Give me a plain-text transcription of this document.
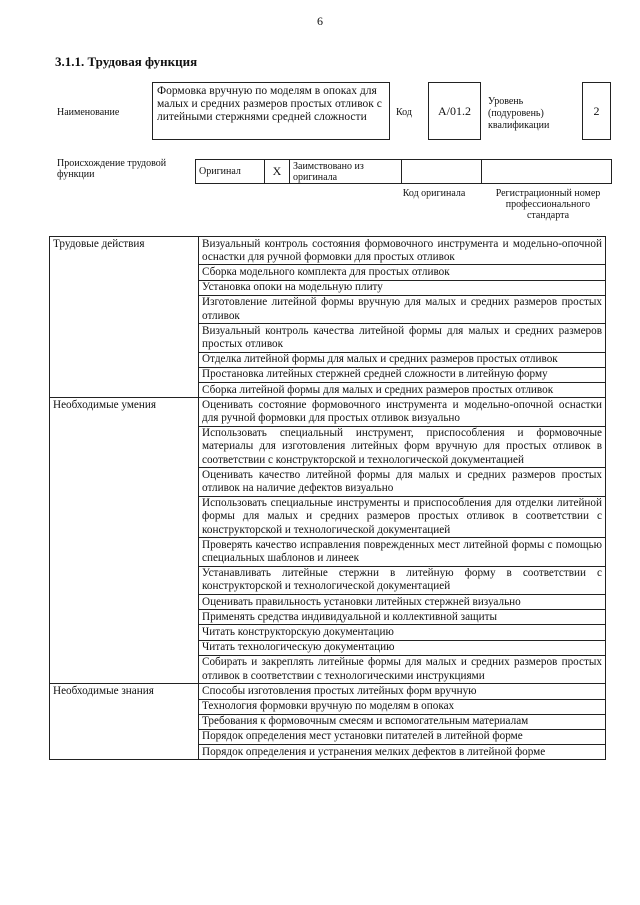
6
3.1.1. Трудовая функция
Наименование
Формовка вручную по моделям в опоках для малых и средних размеров простых отливок с литейными стержнями средней сложности	Код	A/01.2
Уровень (подуровень) квалификации
2
Происхождение трудовой функции	Оригинал	X	Заимствовано из оригинала		
Код оригинала	Регистрационный номер профессионального стандарта
Трудовые действия	Визуальный контроль состояния формовочного инструмента и модельно-опочной оснастки для ручной формовки для простых отливок
	Сборка модельного комплекта для простых отливок
	Установка опоки на модельную плиту
	Изготовление литейной формы вручную для малых и средних размеров простых отливок
	Визуальный контроль качества литейной формы для малых и средних размеров простых отливок
	Отделка литейной формы для малых и средних размеров простых отливок
	Простановка литейных стержней средней сложности в литейную форму
	Сборка литейной формы для малых и средних размеров простых отливок
Необходимые умения	Оценивать состояние формовочного инструмента и модельно-опочной оснастки для ручной формовки для простых отливок визуально
	Использовать специальный инструмент, приспособления и формовочные материалы для изготовления литейных форм вручную для простых отливок в соответствии с конструкторской и технологической документацией
	Оценивать качество литейной формы для малых и средних размеров простых отливок на наличие дефектов визуально
	Использовать специальные инструменты и приспособления для отделки литейной формы для малых и средних размеров простых отливок в соответствии с конструкторской и технологической документацией
	Проверять качество исправления поврежденных мест литейной формы с помощью специальных шаблонов и линеек
	Устанавливать литейные стержни в литейную форму в соответствии с конструкторской и технологической документацией
	Оценивать правильность установки литейных стержней визуально
	Применять средства индивидуальной и коллективной защиты
	Читать конструкторскую документацию
	Читать технологическую документацию
	Собирать и закреплять литейные формы для малых и средних размеров простых отливок в соответствии с технологическими инструкциями
Необходимые знания	Способы изготовления простых литейных форм вручную
	Технология формовки вручную по моделям в опоках
	Требования к формовочным смесям и вспомогательным материалам
	Порядок определения мест установки питателей в литейной форме
	Порядок определения и устранения мелких дефектов в литейной форме
